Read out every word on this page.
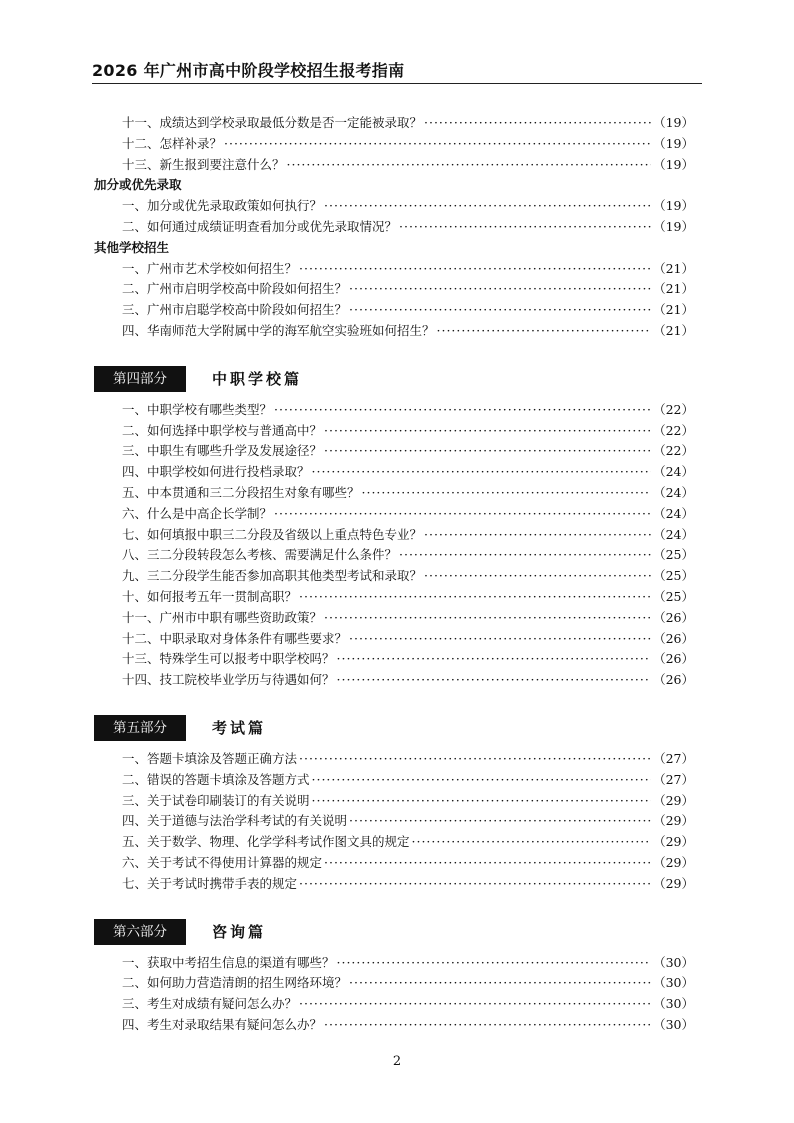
2026 年广州市高中阶段学校招生报考指南
十一、成绩达到学校录取最低分数是否一定能被录取？ ·····	（19）
十二、怎样补录？ ·····	（19）
十三、新生报到要注意什么？ ·····	（19）
加分或优先录取
一、加分或优先录取政策如何执行？ ·····	（19）
二、如何通过成绩证明查看加分或优先录取情况？ ·····	（19）
其他学校招生
一、广州市艺术学校如何招生？ ·····	（21）
二、广州市启明学校高中阶段如何招生？ ·····	（21）
三、广州市启聪学校高中阶段如何招生？ ·····	（21）
四、华南师范大学附属中学的海军航空实验班如何招生？ ·····	（21）
第四部分	中职学校篇
一、中职学校有哪些类型？ ·····	（22）
二、如何选择中职学校与普通高中？ ·····	（22）
三、中职生有哪些升学及发展途径？ ·····	（22）
四、中职学校如何进行投档录取？ ·····	（24）
五、中本贯通和三二分段招生对象有哪些？ ·····	（24）
六、什么是中高企长学制？ ·····	（24）
七、如何填报中职三二分段及省级以上重点特色专业？ ·····	（24）
八、三二分段转段怎么考核、需要满足什么条件？ ·····	（25）
九、三二分段学生能否参加高职其他类型考试和录取？ ·····	（25）
十、如何报考五年一贯制高职？ ·····	（25）
十一、广州市中职有哪些资助政策？ ·····	（26）
十二、中职录取对身体条件有哪些要求？ ·····	（26）
十三、特殊学生可以报考中职学校吗？ ·····	（26）
十四、技工院校毕业学历与待遇如何？ ·····	（26）
第五部分	考试篇
一、答题卡填涂及答题正确方法 ·····	（27）
二、错误的答题卡填涂及答题方式 ·····	（27）
三、关于试卷印刷装订的有关说明 ·····	（29）
四、关于道德与法治学科考试的有关说明 ·····	（29）
五、关于数学、物理、化学学科考试作图文具的规定 ·····	（29）
六、关于考试不得使用计算器的规定 ·····	（29）
七、关于考试时携带手表的规定 ·····	（29）
第六部分	咨询篇
一、获取中考招生信息的渠道有哪些？ ·····	（30）
二、如何助力营造清朗的招生网络环境？ ·····	（30）
三、考生对成绩有疑问怎么办？ ·····	（30）
四、考生对录取结果有疑问怎么办？ ·····	（30）
2
